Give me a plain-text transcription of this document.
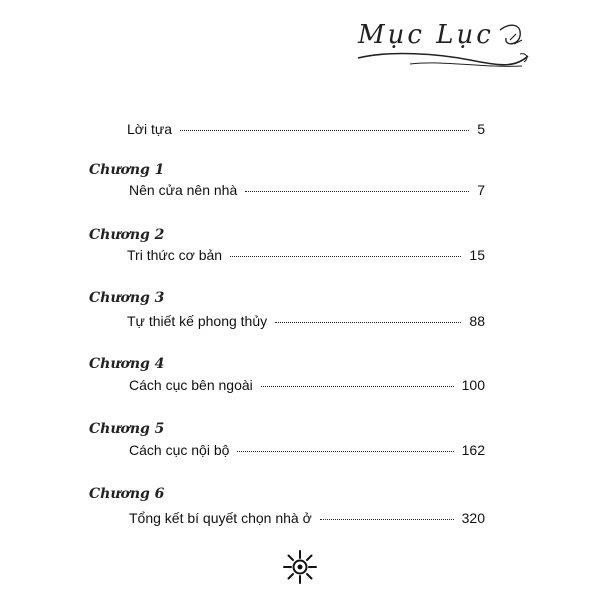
Mục Lục
Lời tựa	5
Chương 1
Nên cửa nên nhà	7
Chương 2
Tri thức cơ bản	15
Chương 3
Tự thiết kế phong thủy	88
Chương 4
Cách cục bên ngoài	100
Chương 5
Cách cục nội bộ	162
Chương 6
Tổng kết bí quyết chọn nhà ở	320
